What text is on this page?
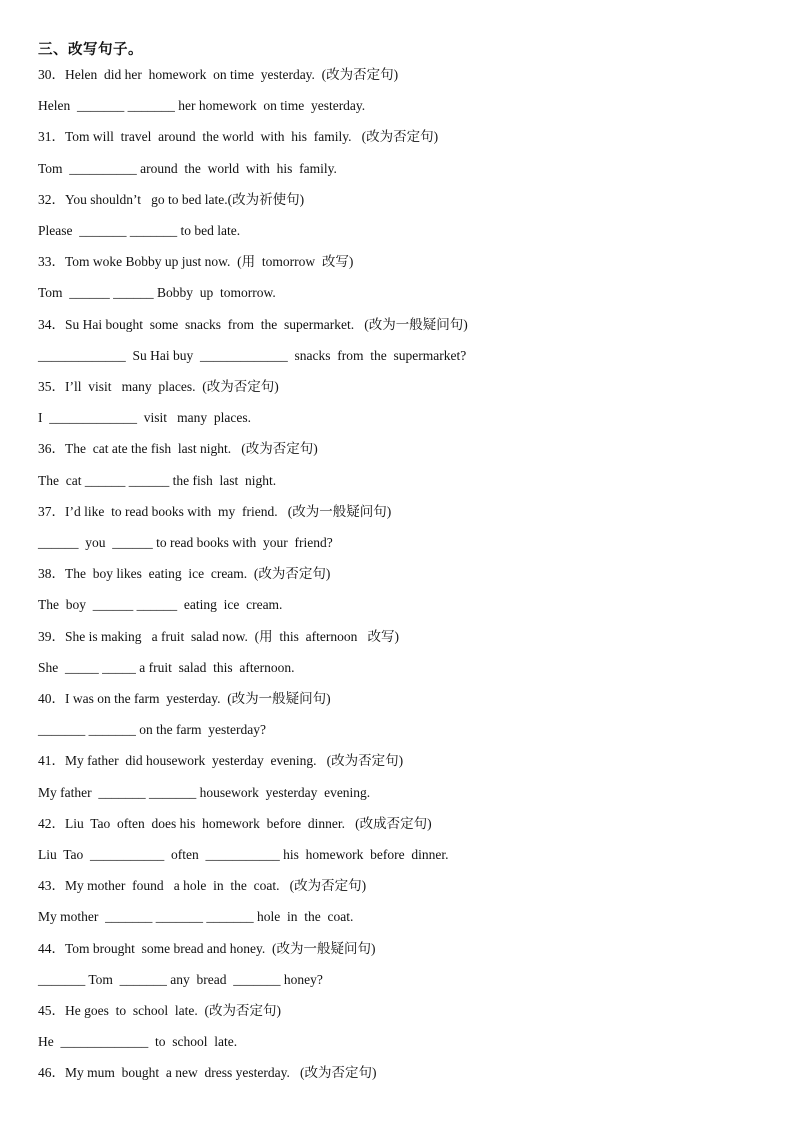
三、改写句子。
30．Helen  did her  homework  on time  yesterday.  (改为否定句)
Helen  _______ _______ her homework  on time  yesterday.
31．Tom will  travel  around  the world  with  his  family.   (改为否定句)
Tom  __________ around  the  world  with  his  family.
32．You shouldn’t   go to bed late.(改为祈使句)
Please  _______ _______ to bed late.
33．Tom woke Bobby up just now.  (用  tomorrow  改写)
Tom  ______ ______ Bobby  up  tomorrow.
34．Su Hai bought  some  snacks  from  the  supermarket.   (改为一般疑问句)
_____________  Su Hai buy  _____________  snacks  from  the  supermarket?
35．I’ll  visit   many  places.  (改为否定句)
I  _____________  visit   many  places.
36．The  cat ate the fish  last night.   (改为否定句)
The  cat ______ ______ the fish  last  night.
37．I’d like  to read books with  my  friend.   (改为一般疑问句)
______  you  ______ to read books with  your  friend?
38．The  boy likes  eating  ice  cream.  (改为否定句)
The  boy  ______ ______  eating  ice  cream.
39．She is making   a fruit  salad now.  (用  this  afternoon   改写)
She  _____ _____ a fruit  salad  this  afternoon.
40．I was on the farm  yesterday.  (改为一般疑问句)
_______ _______ on the farm  yesterday?
41．My father  did housework  yesterday  evening.   (改为否定句)
My father  _______ _______ housework  yesterday  evening.
42．Liu  Tao  often  does his  homework  before  dinner.   (改成否定句)
Liu  Tao  ___________  often  ___________ his  homework  before  dinner.
43．My mother  found   a hole  in  the  coat.   (改为否定句)
My mother  _______ _______ _______ hole  in  the  coat.
44．Tom brought  some bread and honey.  (改为一般疑问句)
_______ Tom  _______ any  bread  _______ honey?
45．He goes  to  school  late.  (改为否定句)
He  _____________  to  school  late.
46．My mum  bought  a new  dress yesterday.   (改为否定句)
